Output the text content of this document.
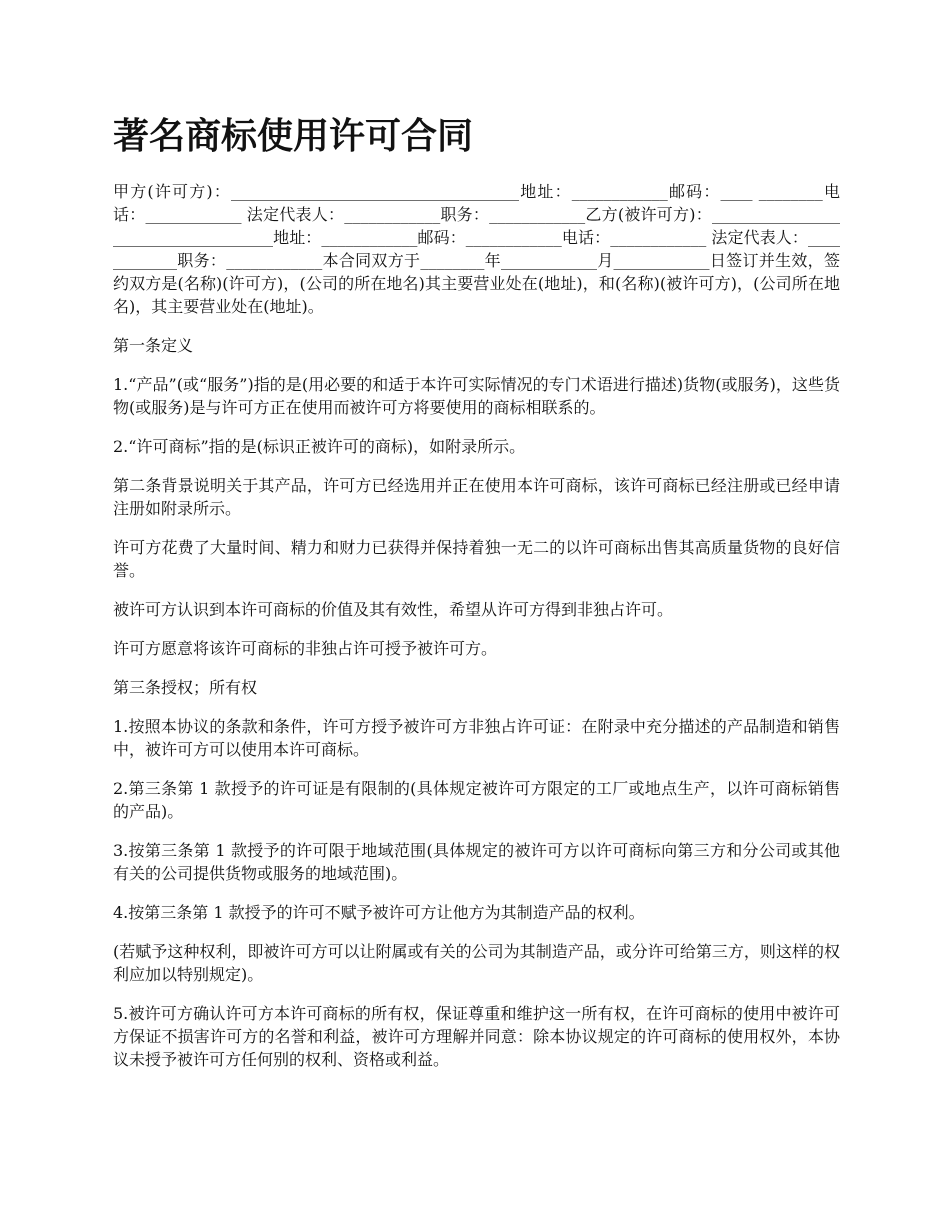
著名商标使用许可合同

甲方(许可方)：____________________________________地址：____________邮码：____ ________电话：____________ 法定代表人：____________职务：____________乙方(被许可方)：____________________________________地址：____________邮码：____________电话：____________ 法定代表人：____________职务：____________本合同双方于________年____________月____________日签订并生效，签约双方是(名称)(许可方)，(公司的所在地名)其主要营业处在(地址)，和(名称)(被许可方)，(公司所在地名)，其主要营业处在(地址)。

第一条定义

1.“产品”(或“服务”)指的是(用必要的和适于本许可实际情况的专门术语进行描述)货物(或服务)，这些货物(或服务)是与许可方正在使用而被许可方将要使用的商标相联系的。

2.“许可商标”指的是(标识正被许可的商标)，如附录所示。

第二条背景说明关于其产品，许可方已经选用并正在使用本许可商标，该许可商标已经注册或已经申请注册如附录所示。

许可方花费了大量时间、精力和财力已获得并保持着独一无二的以许可商标出售其高质量货物的良好信誉。

被许可方认识到本许可商标的价值及其有效性，希望从许可方得到非独占许可。

许可方愿意将该许可商标的非独占许可授予被许可方。

第三条授权；所有权

1.按照本协议的条款和条件，许可方授予被许可方非独占许可证：在附录中充分描述的产品制造和销售中，被许可方可以使用本许可商标。

2.第三条第 1 款授予的许可证是有限制的(具体规定被许可方限定的工厂或地点生产，以许可商标销售的产品)。

3.按第三条第 1 款授予的许可限于地域范围(具体规定的被许可方以许可商标向第三方和分公司或其他有关的公司提供货物或服务的地域范围)。

4.按第三条第 1 款授予的许可不赋予被许可方让他方为其制造产品的权利。

(若赋予这种权利，即被许可方可以让附属或有关的公司为其制造产品，或分许可给第三方，则这样的权利应加以特别规定)。

5.被许可方确认许可方本许可商标的所有权，保证尊重和维护这一所有权，在许可商标的使用中被许可方保证不损害许可方的名誉和利益，被许可方理解并同意：除本协议规定的许可商标的使用权外，本协议未授予被许可方任何别的权利、资格或利益。
